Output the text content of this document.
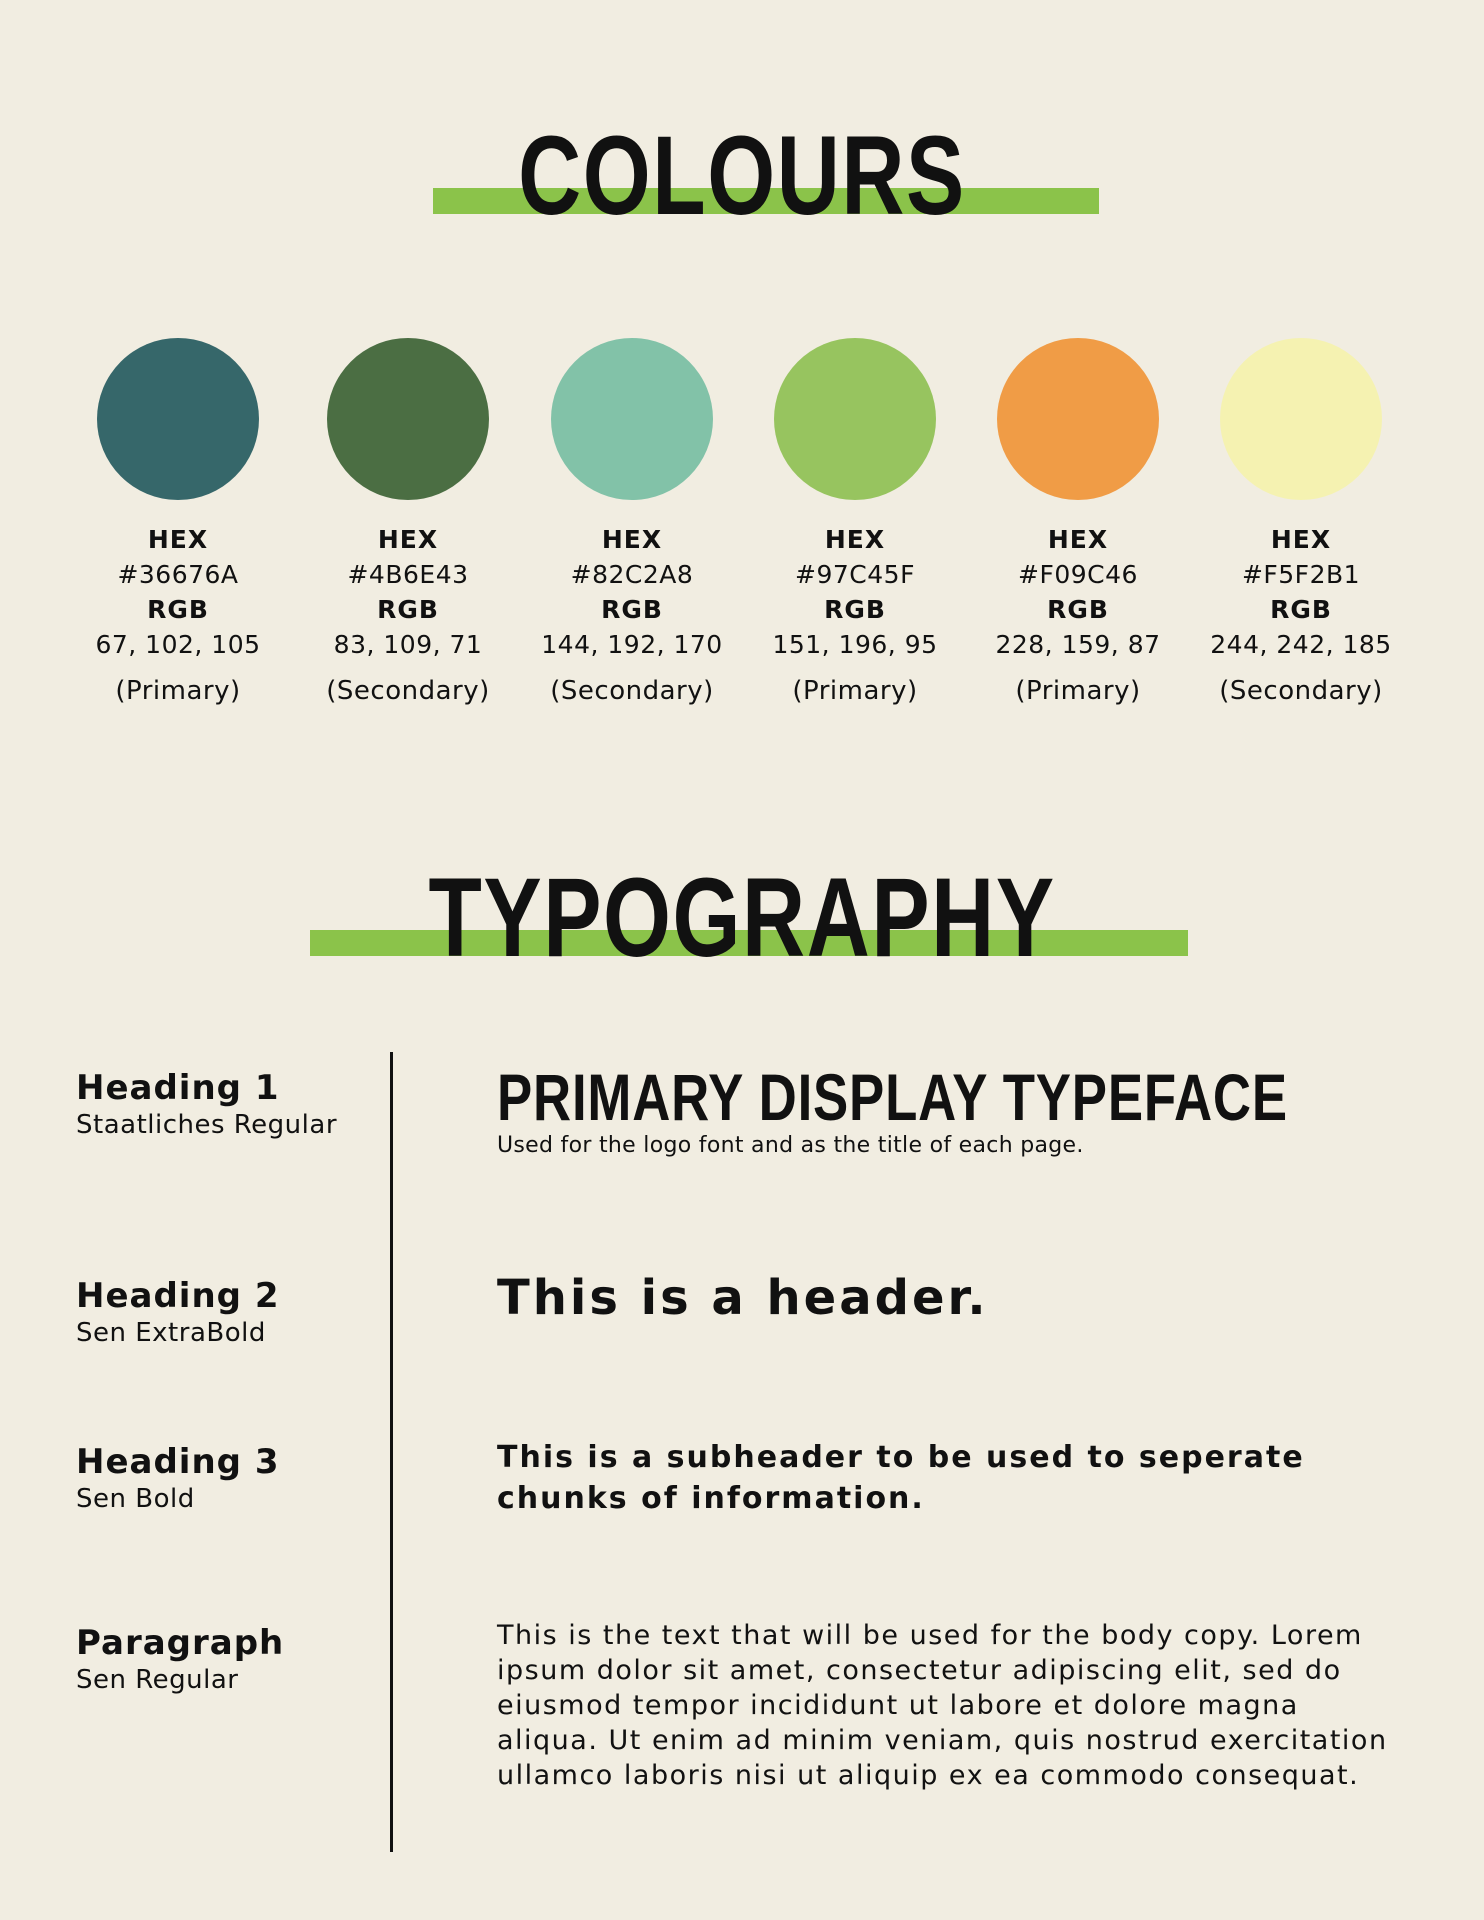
COLOURS
HEX
#36676A
RGB
67, 102, 105
(Primary)
HEX
#4B6E43
RGB
83, 109, 71
(Secondary)
HEX
#82C2A8
RGB
144, 192, 170
(Secondary)
HEX
#97C45F
RGB
151, 196, 95
(Primary)
HEX
#F09C46
RGB
228, 159, 87
(Primary)
HEX
#F5F2B1
RGB
244, 242, 185
(Secondary)
TYPOGRAPHY
Heading 1
Staatliches Regular
Heading 2
Sen ExtraBold
Heading 3
Sen Bold
Paragraph
Sen Regular
PRIMARY DISPLAY TYPEFACE
Used for the logo font and as the title of each page.
This is a header.
This is a subheader to be used to seperate chunks of information.
This is the text that will be used for the body copy. Lorem ipsum dolor sit amet, consectetur adipiscing elit, sed do eiusmod tempor incididunt ut labore et dolore magna aliqua. Ut enim ad minim veniam, quis nostrud exercitation ullamco laboris nisi ut aliquip ex ea commodo consequat.
